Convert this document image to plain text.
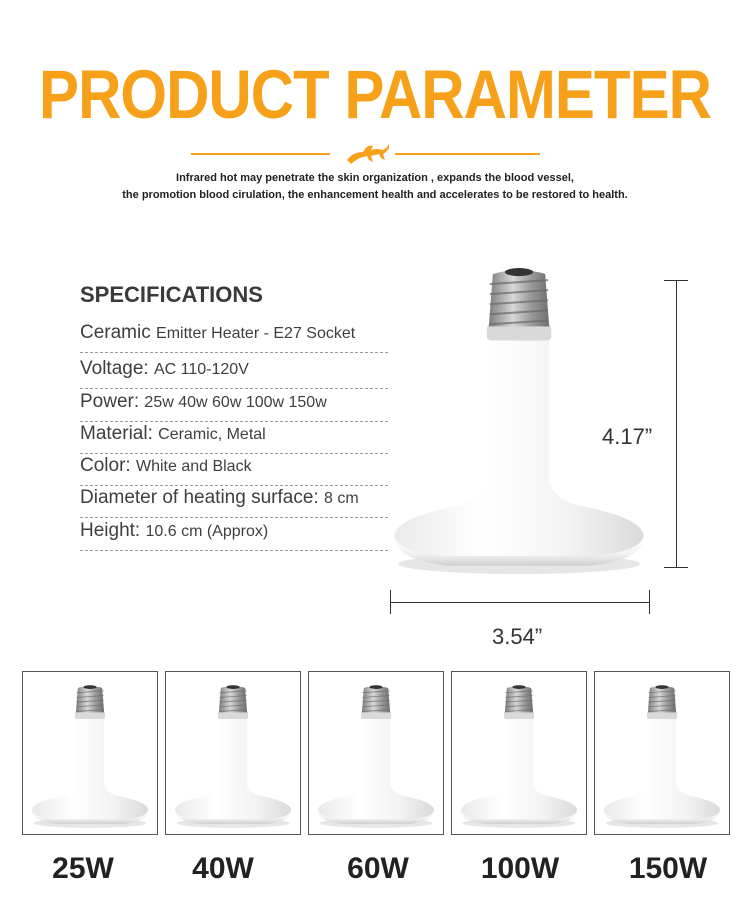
PRODUCT PARAMETER
Infrared hot may penetrate the skin organization , expands the blood vessel,
the promotion blood cirulation, the enhancement health and accelerates to be restored to health.
SPECIFICATIONS
Ceramic Emitter Heater - E27 Socket
Voltage: AC 110-120V
Power: 25w 40w 60w 100w 150w
Material: Ceramic, Metal
Color: White and Black
Diameter of heating surface: 8 cm
Height: 10.6 cm (Approx)
4.17”
3.54”
25W	40W	60W	100W	150W
